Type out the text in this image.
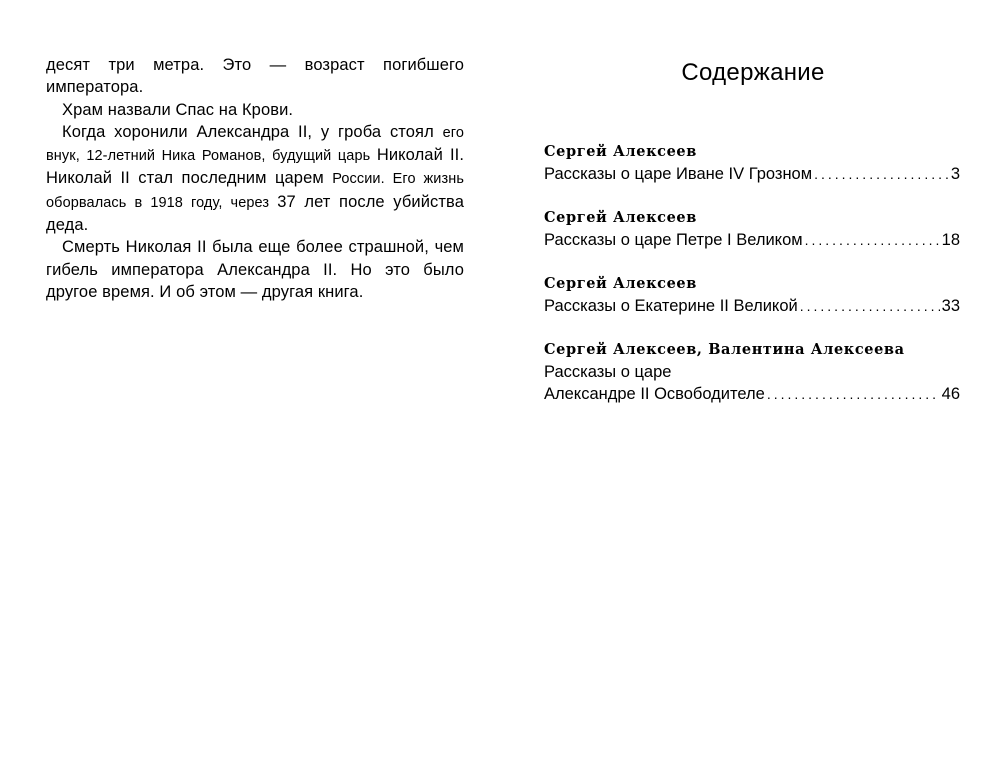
десят три метра. Это — возраст погибшего императора.

Храм назвали Спас на Крови.

Когда хоронили Александра II, у гроба стоял его внук, 12-летний Ника Романов, будущий царь Николай II. Николай II стал последним царем России. Его жизнь оборвалась в 1918 году, через 37 лет после убийства деда.

Смерть Николая II была еще более страшной, чем гибель императора Александра II. Но это было другое время. И об этом — другая книга.

Содержание
Сергей Алексеев
Рассказы о царе Иване IV Грозном .....	3
Сергей Алексеев
Рассказы о царе Петре I Великом .....	18
Сергей Алексеев
Рассказы о Екатерине II Великой .....	33
Сергей Алексеев, Валентина Алексеева
Рассказы о царе
Александре II Освободителе .....	46
